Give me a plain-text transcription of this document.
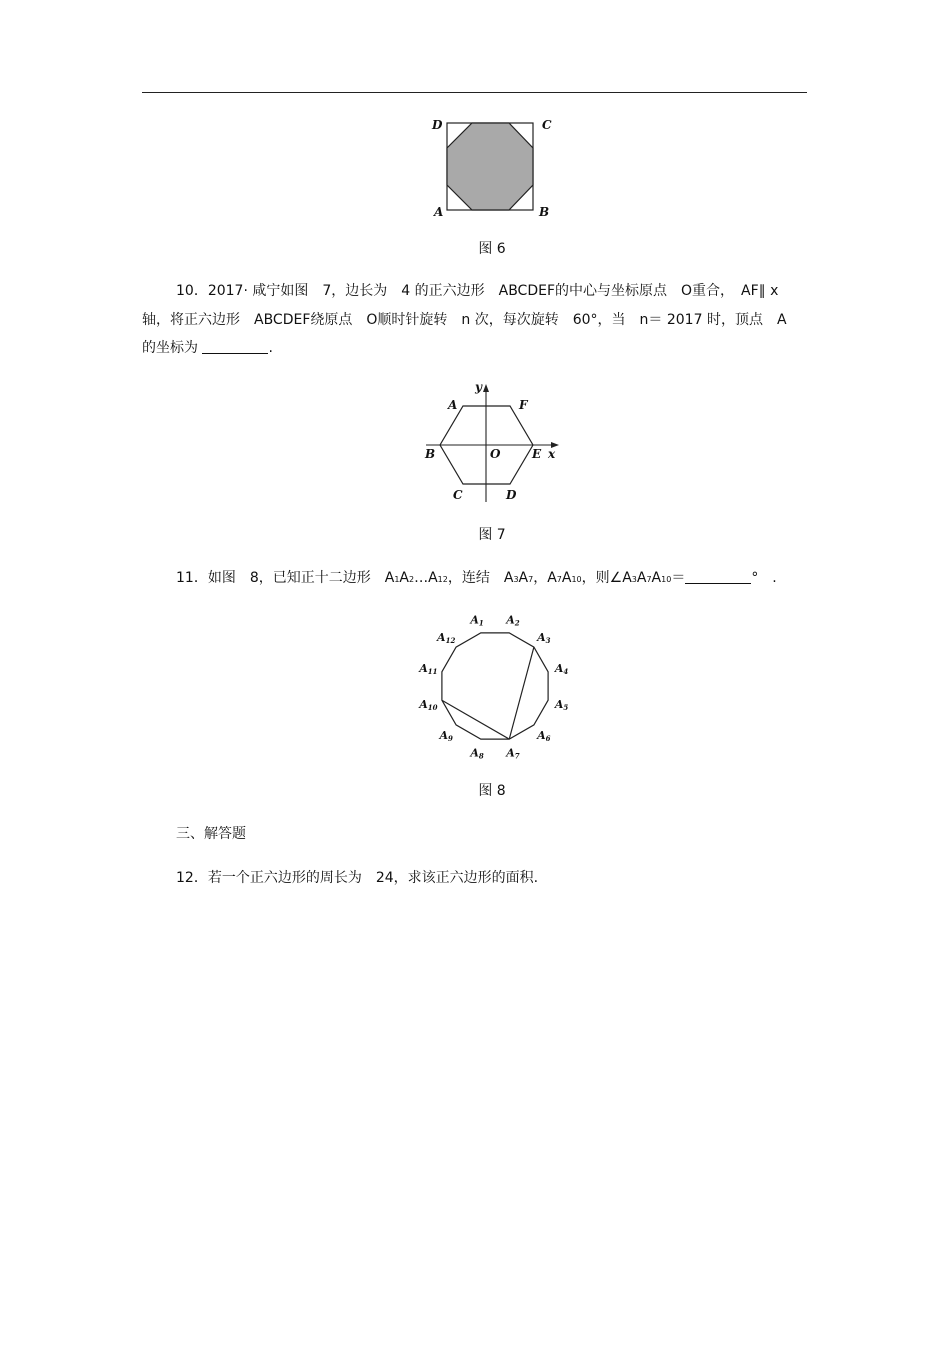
D	C
A	B
图 6
10．2017· 咸宁如图　7，边长为　4 的正六边形　ABCDEF的中心与坐标原点　O重合，　AF∥ x
轴，将正六边形　ABCDEF绕原点　O顺时针旋转　n 次，每次旋转　60°，当　n＝ 2017 时，顶点　A
的坐标为	.
y
A	F
B	O	E x
C	D
图 7
11．如图　8，已知正十二边形　A1A2…A12，连结　A3A7，A7A10，则∠A3A7A10＝	°　.
A1 A2
A3
A4
A5
A6
A7
A8
A9
A10
A11
A12
图 8
三、解答题
12．若一个正六边形的周长为　24，求该正六边形的面积.
